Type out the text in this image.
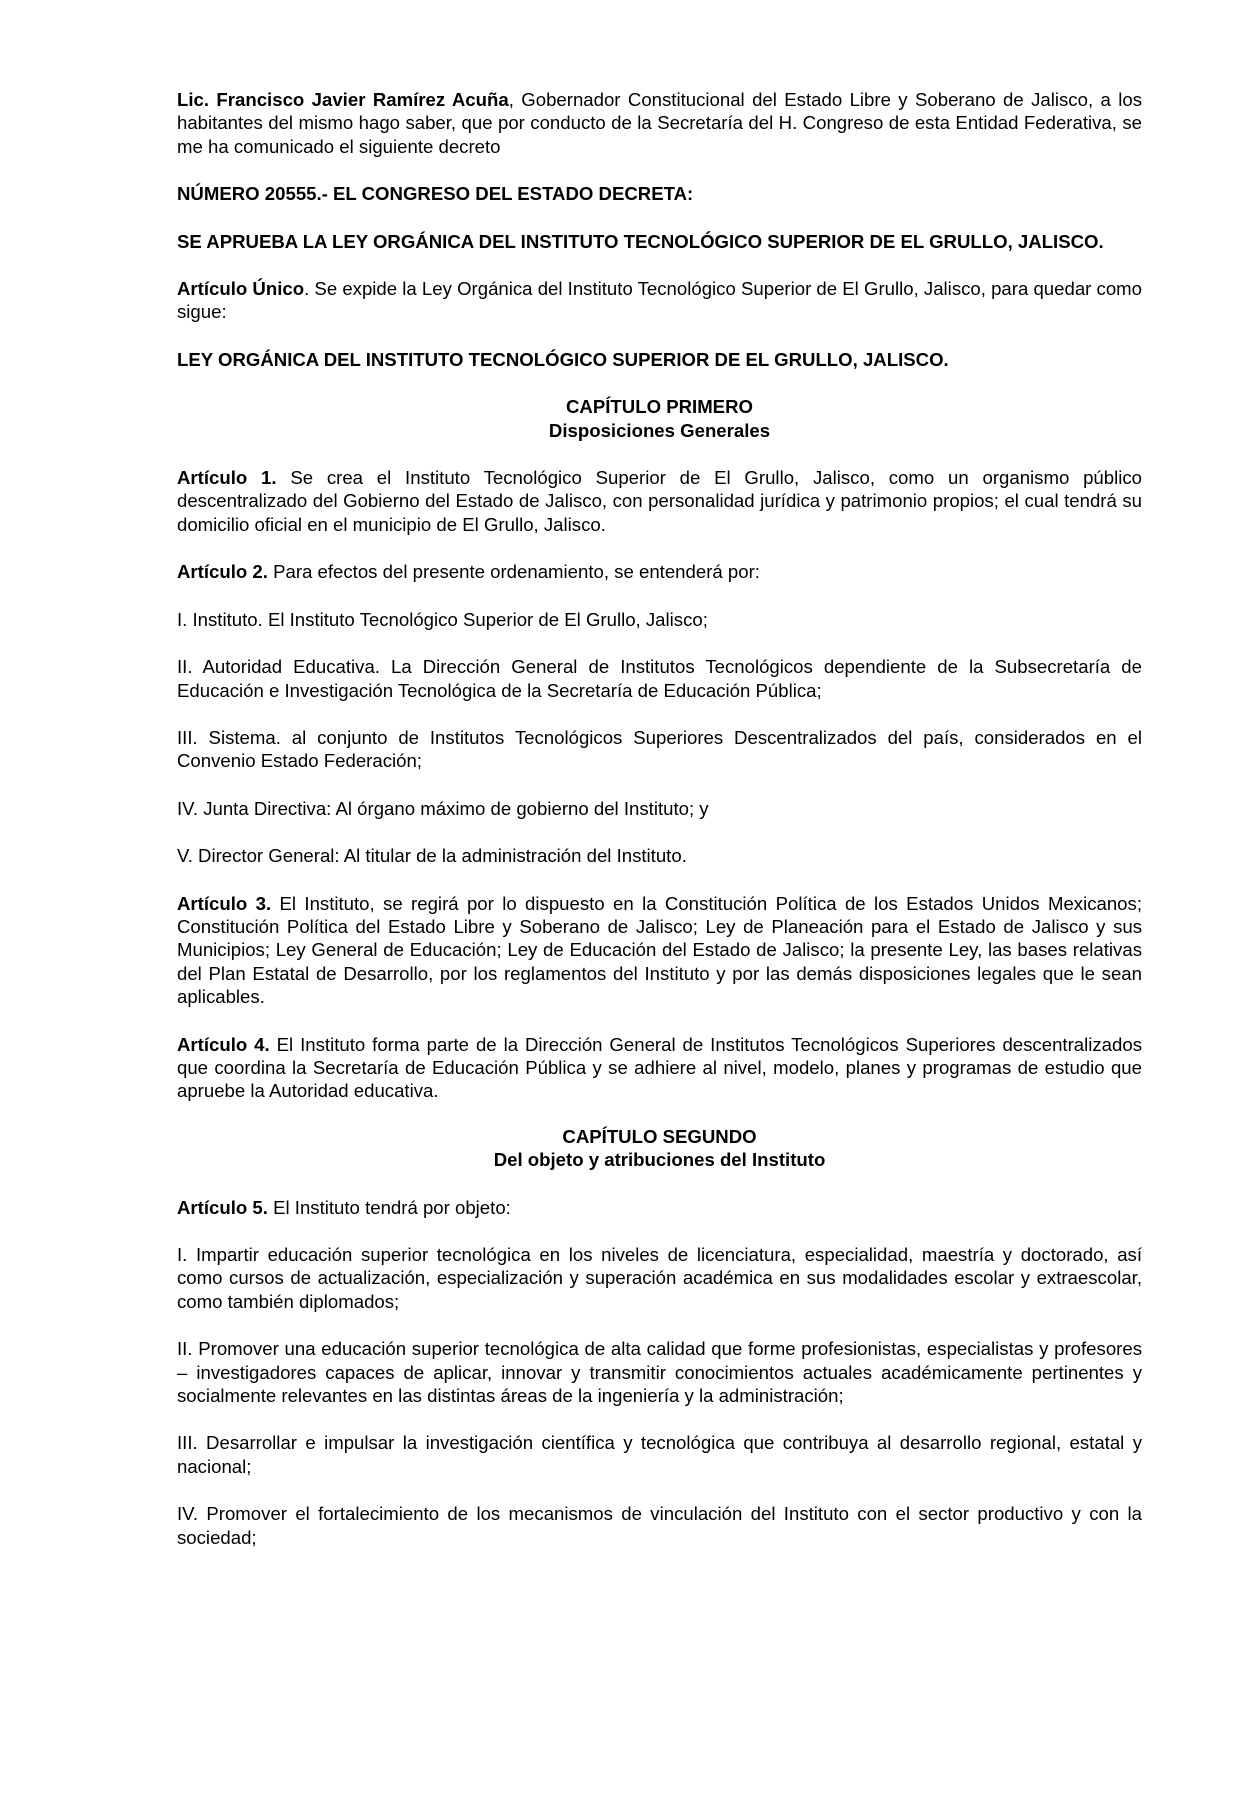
Lic. Francisco Javier Ramírez Acuña, Gobernador Constitucional del Estado Libre y Soberano de Jalisco, a los habitantes del mismo hago saber, que por conducto de la Secretaría del H. Congreso de esta Entidad Federativa, se me ha comunicado el siguiente decreto

NÚMERO 20555.- EL CONGRESO DEL ESTADO DECRETA:

SE APRUEBA LA LEY ORGÁNICA DEL INSTITUTO TECNOLÓGICO SUPERIOR DE EL GRULLO, JALISCO.

Artículo Único. Se expide la Ley Orgánica del Instituto Tecnológico Superior de El Grullo, Jalisco, para quedar como sigue:

LEY ORGÁNICA DEL INSTITUTO TECNOLÓGICO SUPERIOR DE EL GRULLO, JALISCO.

CAPÍTULO PRIMERO
Disposiciones Generales

Artículo 1. Se crea el Instituto Tecnológico Superior de El Grullo, Jalisco, como un organismo público descentralizado del Gobierno del Estado de Jalisco, con personalidad jurídica y patrimonio propios; el cual tendrá su domicilio oficial en el municipio de El Grullo, Jalisco.

Artículo 2. Para efectos del presente ordenamiento, se entenderá por:

I. Instituto. El Instituto Tecnológico Superior de El Grullo, Jalisco;

II. Autoridad Educativa. La Dirección General de Institutos Tecnológicos dependiente de la Subsecretaría de Educación e Investigación Tecnológica de la Secretaría de Educación Pública;

III. Sistema. al conjunto de Institutos Tecnológicos Superiores Descentralizados del país, considerados en el Convenio Estado Federación;

IV. Junta Directiva: Al órgano máximo de gobierno del Instituto; y

V. Director General: Al titular de la administración del Instituto.

Artículo 3. El Instituto, se regirá por lo dispuesto en la Constitución Política de los Estados Unidos Mexicanos; Constitución Política del Estado Libre y Soberano de Jalisco; Ley de Planeación para el Estado de Jalisco y sus Municipios; Ley General de Educación; Ley de Educación del Estado de Jalisco; la presente Ley, las bases relativas del Plan Estatal de Desarrollo, por los reglamentos del Instituto y por las demás disposiciones legales que le sean aplicables.

Artículo 4. El Instituto forma parte de la Dirección General de Institutos Tecnológicos Superiores descentralizados que coordina la Secretaría de Educación Pública y se adhiere al nivel, modelo, planes y programas de estudio que apruebe la Autoridad educativa.

CAPÍTULO SEGUNDO
Del objeto y atribuciones del Instituto

Artículo 5. El Instituto tendrá por objeto:

I. Impartir educación superior tecnológica en los niveles de licenciatura, especialidad, maestría y doctorado, así como cursos de actualización, especialización y superación académica en sus modalidades escolar y extraescolar, como también diplomados;

II. Promover una educación superior tecnológica de alta calidad que forme profesionistas, especialistas y profesores – investigadores capaces de aplicar, innovar y transmitir conocimientos actuales académicamente pertinentes y socialmente relevantes en las distintas áreas de la ingeniería y la administración;

III. Desarrollar e impulsar la investigación científica y tecnológica que contribuya al desarrollo regional, estatal y nacional;

IV. Promover el fortalecimiento de los mecanismos de vinculación del Instituto con el sector productivo y con la sociedad;
